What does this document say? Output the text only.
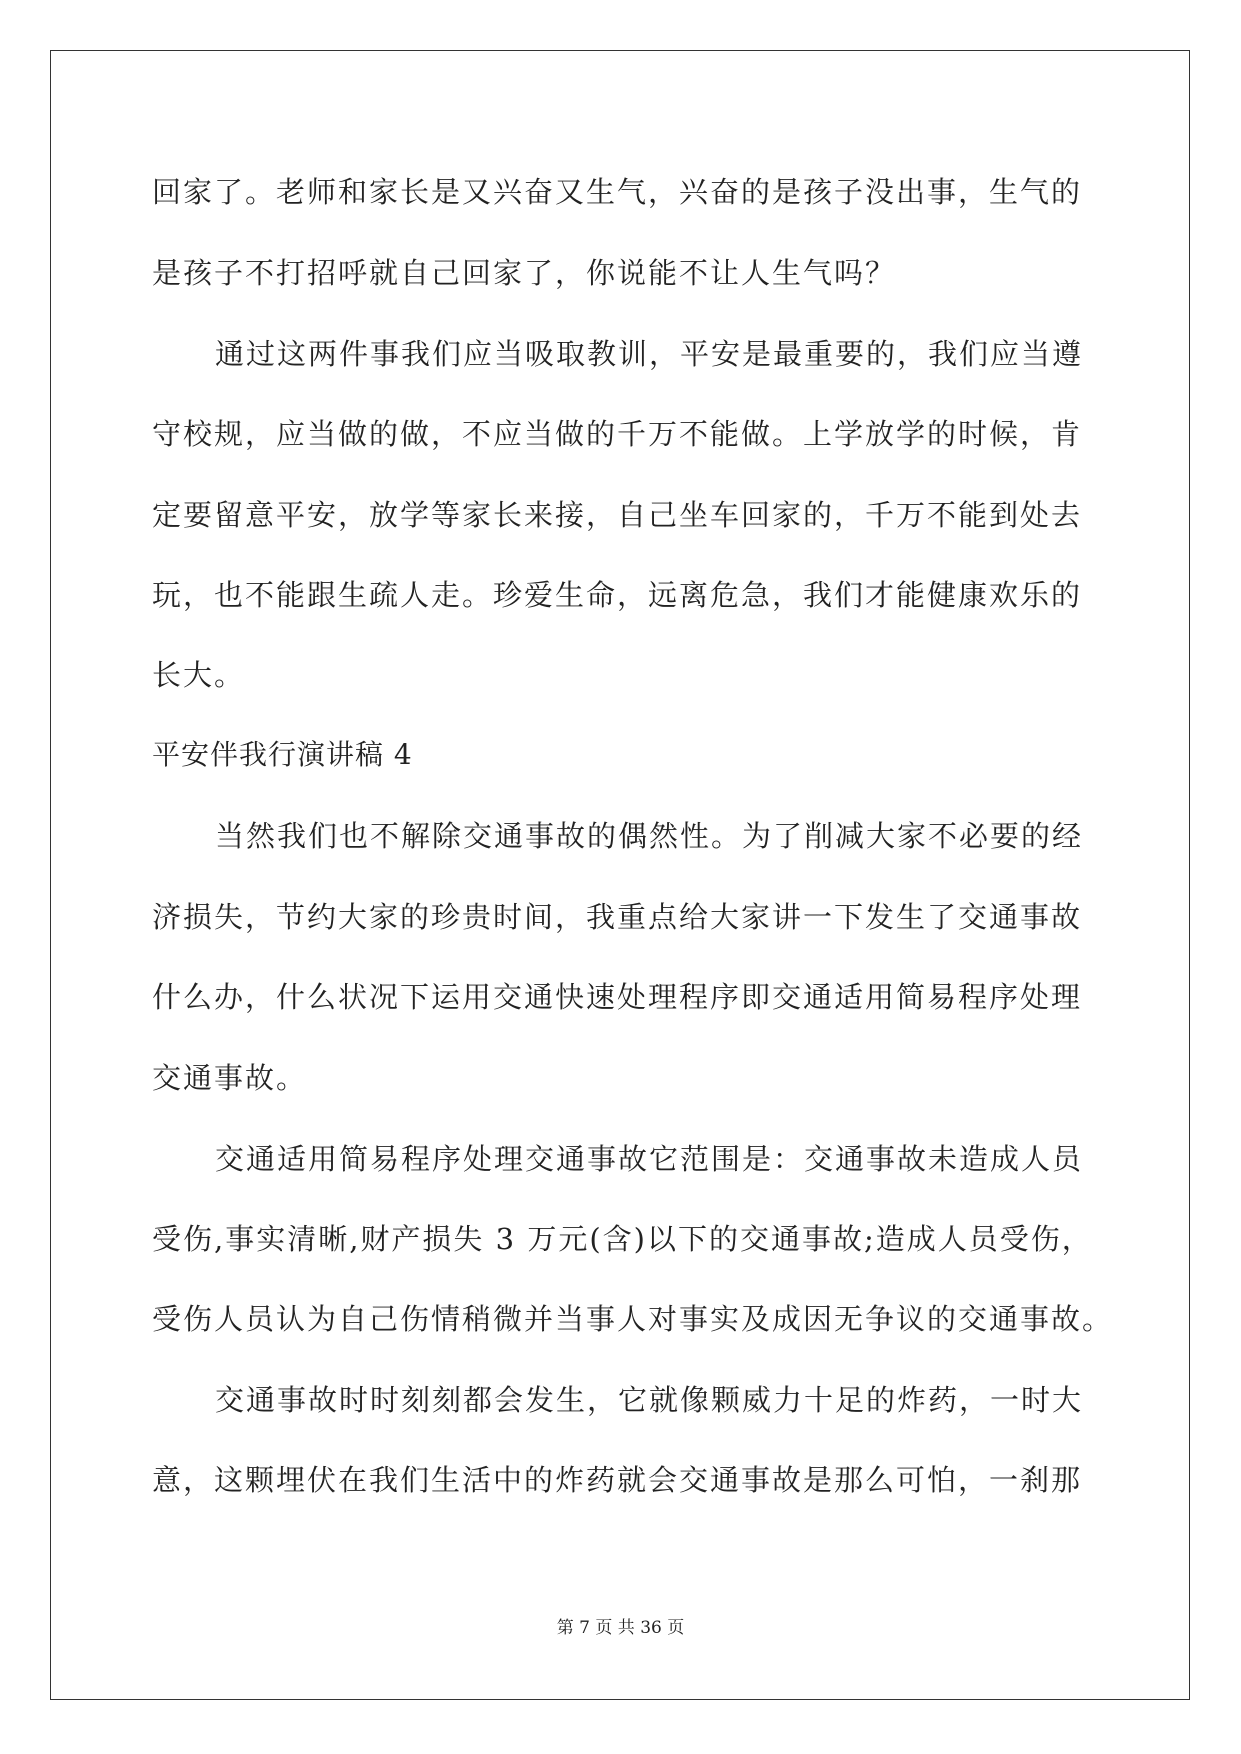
回家了。老师和家长是又兴奋又生气，兴奋的是孩子没出事，生气的
是孩子不打招呼就自己回家了，你说能不让人生气吗？
通过这两件事我们应当吸取教训，平安是最重要的，我们应当遵
守校规，应当做的做，不应当做的千万不能做。上学放学的时候，肯
定要留意平安，放学等家长来接，自己坐车回家的，千万不能到处去
玩，也不能跟生疏人走。珍爱生命，远离危急，我们才能健康欢乐的
长大。
平安伴我行演讲稿 4
当然我们也不解除交通事故的偶然性。为了削减大家不必要的经
济损失，节约大家的珍贵时间，我重点给大家讲一下发生了交通事故
什么办，什么状况下运用交通快速处理程序即交通适用简易程序处理
交通事故。
交通适用简易程序处理交通事故它范围是：交通事故未造成人员
受伤,事实清晰,财产损失 3 万元(含)以下的交通事故;造成人员受伤，
受伤人员认为自己伤情稍微并当事人对事实及成因无争议的交通事故。
交通事故时时刻刻都会发生，它就像颗威力十足的炸药，一时大
意，这颗埋伏在我们生活中的炸药就会交通事故是那么可怕，一刹那
第 7 页 共 36 页
